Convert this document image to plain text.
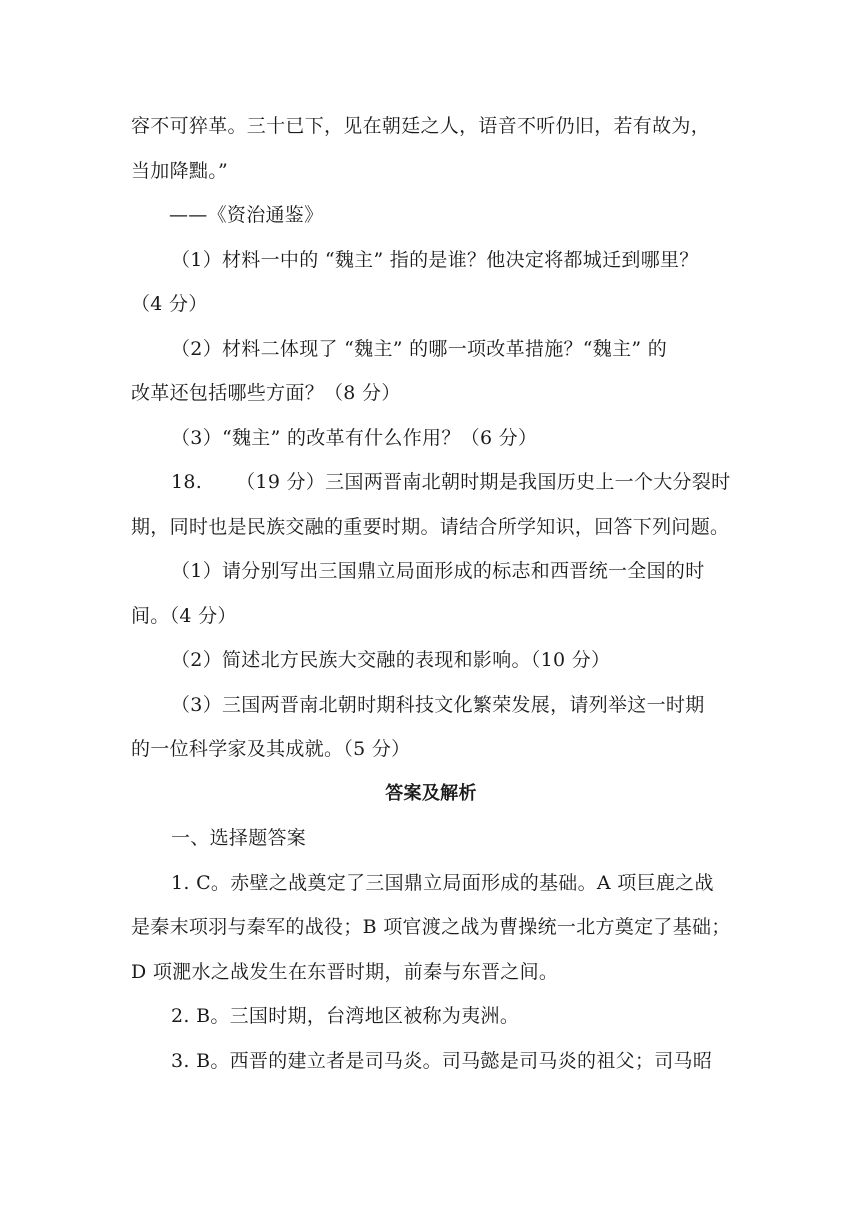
容不可猝革。三十已下，见在朝廷之人，语音不听仍旧，若有故为，
当加降黜。”
——《资治通鉴》
（1）材料一中的 “魏主” 指的是谁？他决定将都城迁到哪里？
（4 分）
（2）材料二体现了 “魏主” 的哪一项改革措施？“魏主” 的
改革还包括哪些方面？（8 分）
（3）“魏主” 的改革有什么作用？（6 分）
18. （19 分）三国两晋南北朝时期是我国历史上一个大分裂时
期，同时也是民族交融的重要时期。请结合所学知识，回答下列问题。
（1）请分别写出三国鼎立局面形成的标志和西晋统一全国的时
间。（4 分）
（2）简述北方民族大交融的表现和影响。（10 分）
（3）三国两晋南北朝时期科技文化繁荣发展，请列举这一时期
的一位科学家及其成就。（5 分）
答案及解析
一、选择题答案
1. C。赤壁之战奠定了三国鼎立局面形成的基础。A 项巨鹿之战
是秦末项羽与秦军的战役；B 项官渡之战为曹操统一北方奠定了基础；
D 项淝水之战发生在东晋时期，前秦与东晋之间。
2. B。三国时期，台湾地区被称为夷洲。
3. B。西晋的建立者是司马炎。司马懿是司马炎的祖父；司马昭
